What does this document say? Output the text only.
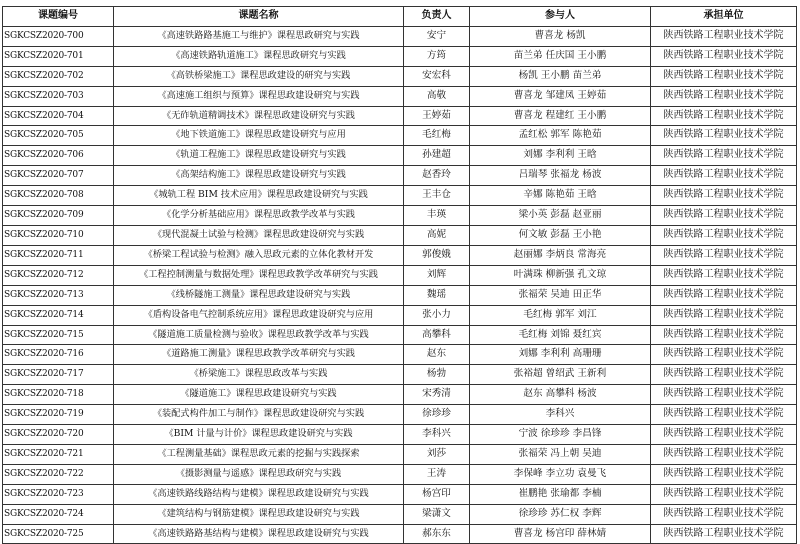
课题编号	课题名称	负责人	参与人	承担单位
SGKCSZ2020-700	《高速铁路路基施工与维护》课程思政研究与实践	安宁	曹喜龙 杨凯	陕西铁路工程职业技术学院
SGKCSZ2020-701	《高速铁路轨道施工》课程思政研究与实践	方筠	苗兰弟 任庆国 王小鹏	陕西铁路工程职业技术学院
SGKCSZ2020-702	《高铁桥梁施工》课程思政建设的研究与实践	安宏科	杨凯 王小鹏 苗兰弟	陕西铁路工程职业技术学院
SGKCSZ2020-703	《高速施工组织与预算》课程思政建设研究与实践	高敬	曹喜龙 邹建凤 王婷茹	陕西铁路工程职业技术学院
SGKCSZ2020-704	《无砟轨道精调技术》课程思政建设研究与实践	王婷茹	曹喜龙 程建红 王小鹏	陕西铁路工程职业技术学院
SGKCSZ2020-705	《地下铁道施工》课程思政建设研究与应用	毛红梅	孟红松 郭军 陈艳茹	陕西铁路工程职业技术学院
SGKCSZ2020-706	《轨道工程施工》课程思政建设研究与实践	孙建超	刘娜 李利利 王晗	陕西铁路工程职业技术学院
SGKCSZ2020-707	《高架结构施工》课程思政建设研究与实践	赵香玲	吕瑞琴 张福龙 杨波	陕西铁路工程职业技术学院
SGKCSZ2020-708	《城轨工程 BIM 技术应用》课程思政建设研究与实践	王丰仓	辛娜 陈艳茹 王晗	陕西铁路工程职业技术学院
SGKCSZ2020-709	《化学分析基础应用》课程思政教学改革与实践	丰瑛	梁小英 彭磊 赵亚丽	陕西铁路工程职业技术学院
SGKCSZ2020-710	《现代混凝土试验与检测》课程思政建设研究与实践	高妮	何文敏 彭磊 王小艳	陕西铁路工程职业技术学院
SGKCSZ2020-711	《桥梁工程试验与检测》融入思政元素的立体化教材开发	郭俊娥	赵丽娜 李炳良 常海亮	陕西铁路工程职业技术学院
SGKCSZ2020-712	《工程控制测量与数据处理》课程思政教学改革研究与实践	刘辉	叶满珠 柳新强 孔文琼	陕西铁路工程职业技术学院
SGKCSZ2020-713	《线桥隧施工测量》课程思政建设研究与实践	魏瑶	张福荣 吴迪 田正华	陕西铁路工程职业技术学院
SGKCSZ2020-714	《盾构设备电气控制系统应用》课程思政建设研究与应用	张小力	毛红梅 郭军 刘江	陕西铁路工程职业技术学院
SGKCSZ2020-715	《隧道施工质量检测与验收》课程思政教学改革与实践	高攀科	毛红梅 刘锦 聂红宾	陕西铁路工程职业技术学院
SGKCSZ2020-716	《道路施工测量》课程思政教学改革研究与实践	赵东	刘娜 李利利 高珊珊	陕西铁路工程职业技术学院
SGKCSZ2020-717	《桥梁施工》课程思政改革与实践	杨勃	张裕超 曾绍武 王新利	陕西铁路工程职业技术学院
SGKCSZ2020-718	《隧道施工》课程思政建设研究与实践	宋秀清	赵东 高攀科 杨波	陕西铁路工程职业技术学院
SGKCSZ2020-719	《装配式构件加工与制作》课程思政建设研究与实践	徐珍珍	李科兴	陕西铁路工程职业技术学院
SGKCSZ2020-720	《BIM 计量与计价》课程思政建设研究与实践	李科兴	宁波 徐珍珍 李昌锋	陕西铁路工程职业技术学院
SGKCSZ2020-721	《工程测量基础》课程思政元素的挖掘与实践探索	刘莎	张福荣 冯上朝 吴迪	陕西铁路工程职业技术学院
SGKCSZ2020-722	《摄影测量与遥感》课程思政研究与实践	王涛	李保峰 李立功 袁曼飞	陕西铁路工程职业技术学院
SGKCSZ2020-723	《高速铁路线路结构与建模》课程思政建设研究与实践	杨宫印	崔鹏艳 张瑜都 李楠	陕西铁路工程职业技术学院
SGKCSZ2020-724	《建筑结构与钢筋建模》课程思政建设研究与实践	梁潇文	徐珍珍 苏仁权 李辉	陕西铁路工程职业技术学院
SGKCSZ2020-725	《高速铁路路基结构与建模》课程思政建设研究与实践	郝东东	曹喜龙 杨宫印 薛林婧	陕西铁路工程职业技术学院
